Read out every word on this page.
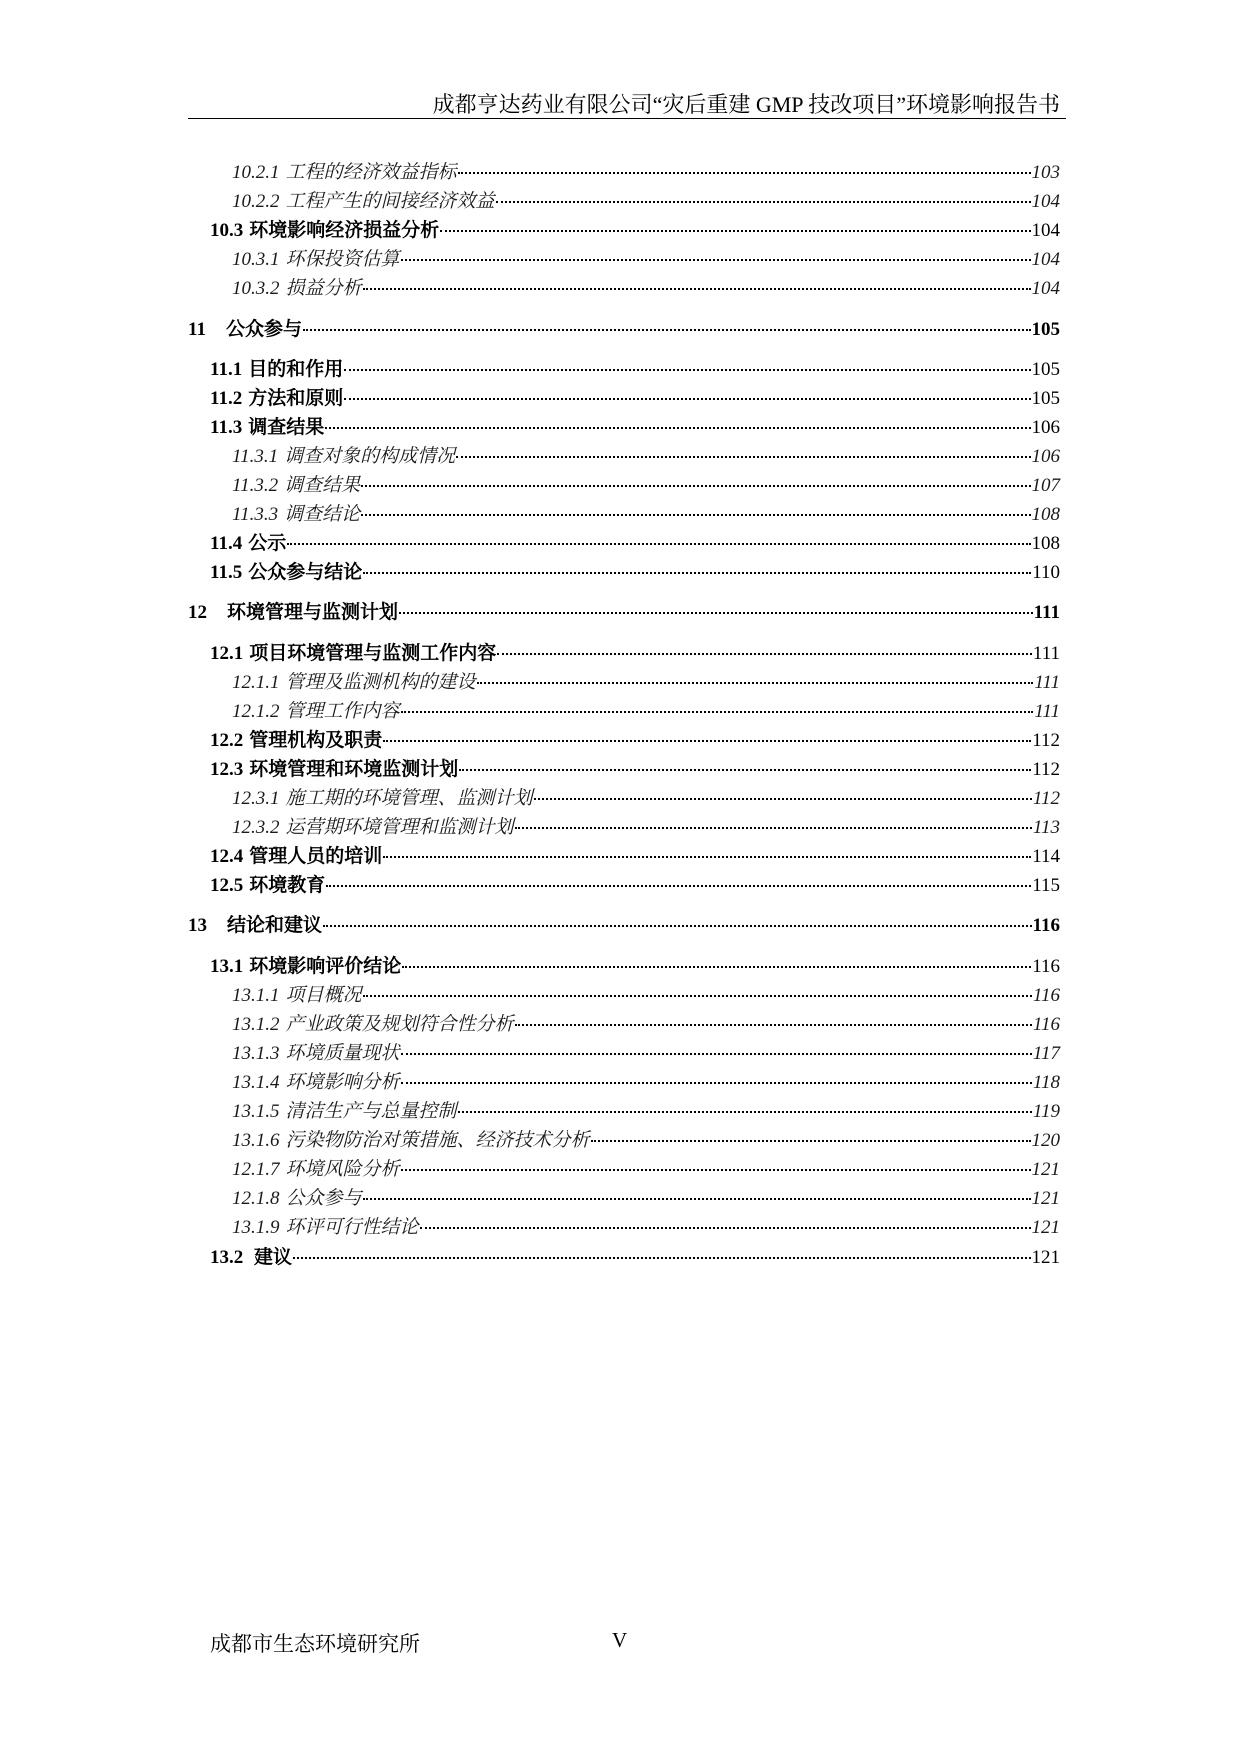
成都亨达药业有限公司“灾后重建 GMP 技改项目”环境影响报告书
10.2.1 工程的经济效益指标	103
10.2.2 工程产生的间接经济效益	104
10.3 环境影响经济损益分析	104
10.3.1 环保投资估算	104
10.3.2 损益分析	104
11 公众参与	105
11.1 目的和作用	105
11.2 方法和原则	105
11.3 调查结果	106
11.3.1 调查对象的构成情况	106
11.3.2 调查结果	107
11.3.3 调查结论	108
11.4 公示	108
11.5 公众参与结论	110
12 环境管理与监测计划	111
12.1 项目环境管理与监测工作内容	111
12.1.1 管理及监测机构的建设	111
12.1.2 管理工作内容	111
12.2 管理机构及职责	112
12.3 环境管理和环境监测计划	112
12.3.1 施工期的环境管理、监测计划	112
12.3.2 运营期环境管理和监测计划	113
12.4 管理人员的培训	114
12.5 环境教育	115
13 结论和建议	116
13.1 环境影响评价结论	116
13.1.1 项目概况	116
13.1.2 产业政策及规划符合性分析	116
13.1.3 环境质量现状	117
13.1.4 环境影响分析	118
13.1.5 清洁生产与总量控制	119
13.1.6 污染物防治对策措施、经济技术分析	120
12.1.7 环境风险分析	121
12.1.8 公众参与	121
13.1.9 环评可行性结论	121
13.2 建议	121
成都市生态环境研究所	V
